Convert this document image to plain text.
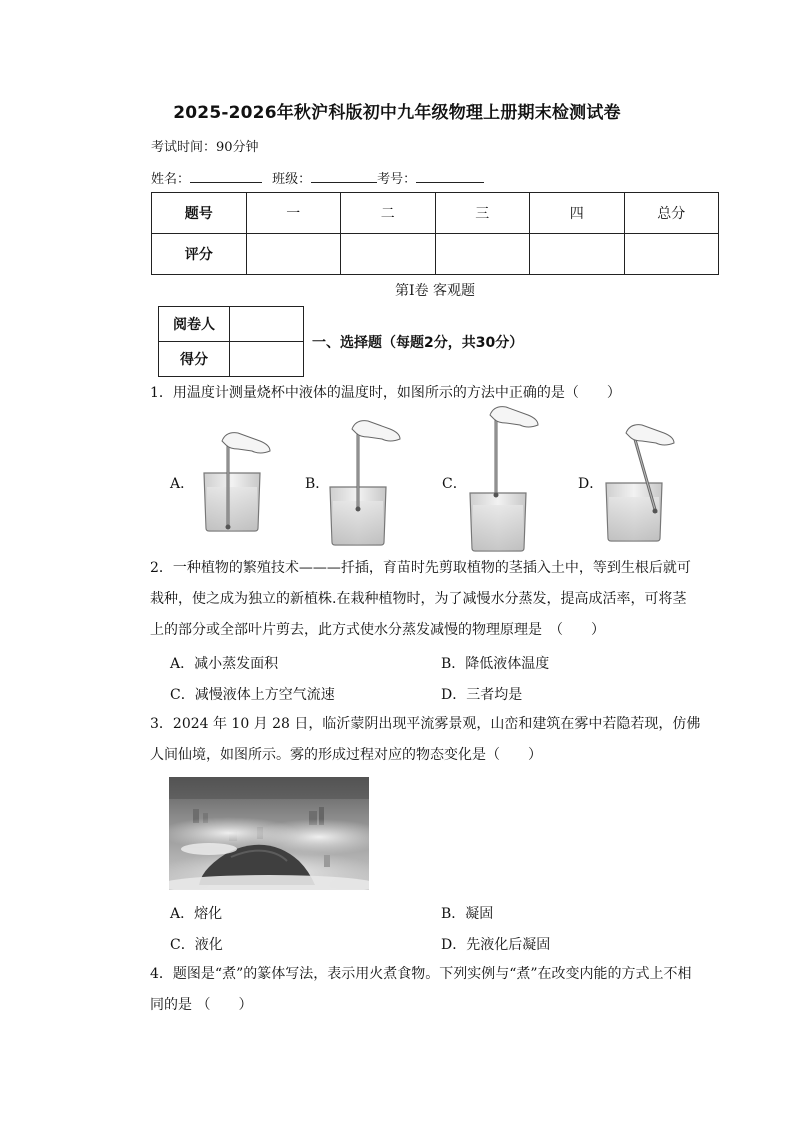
2025-2026年秋沪科版初中九年级物理上册期末检测试卷
考试时间：90分钟
姓名：	班级：	考号：
题号	一	二	三	四	总分
评分					
第Ⅰ卷 客观题
阅卷人	
得分	
一、选择题（每题2分，共30分）
1．用温度计测量烧杯中液体的温度时，如图所示的方法中正确的是（　　）
A．	B．	C．	D．
2．一种植物的繁殖技术———扦插，育苗时先剪取植物的茎插入土中，等到生根后就可
栽种，使之成为独立的新植株.在栽种植物时，为了减慢水分蒸发，提高成活率，可将茎
上的部分或全部叶片剪去，此方式使水分蒸发减慢的物理原理是　（　　）
A．减小蒸发面积	B．降低液体温度
C．减慢液体上方空气流速	D．三者均是
3．2024 年 10 月 28 日，临沂蒙阴出现平流雾景观，山峦和建筑在雾中若隐若现，仿佛
人间仙境，如图所示。雾的形成过程对应的物态变化是（　　）
A．熔化	B．凝固
C．液化	D．先液化后凝固
4．题图是“煮”的篆体写法，表示用火煮食物。下列实例与“煮”在改变内能的方式上不相
同的是 （　　）
